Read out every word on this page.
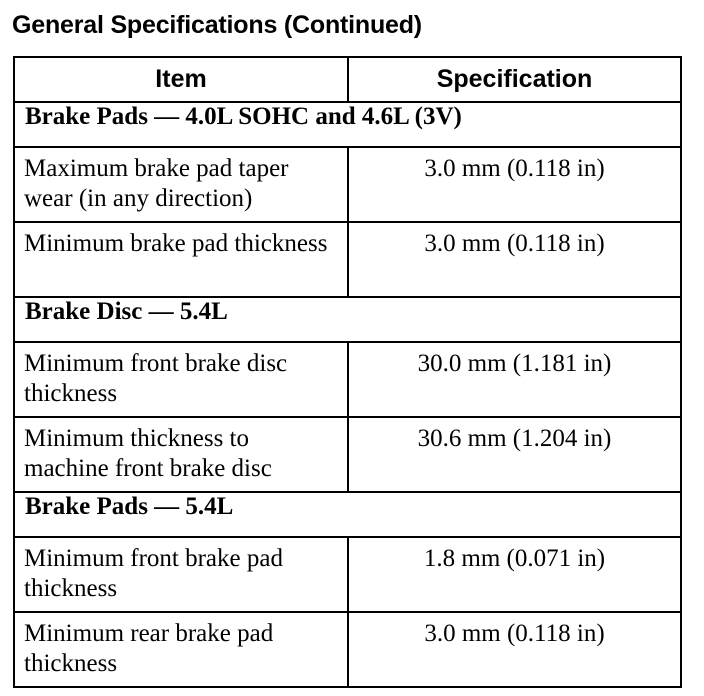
General Specifications (Continued)
Item	Specification
Brake Pads — 4.0L SOHC and 4.6L (3V)	
Maximum brake pad taper wear (in any direction)	3.0 mm (0.118 in)
Minimum brake pad thickness	3.0 mm (0.118 in)
Brake Disc — 5.4L	
Minimum front brake disc thickness	30.0 mm (1.181 in)
Minimum thickness to machine front brake disc	30.6 mm (1.204 in)
Brake Pads — 5.4L	
Minimum front brake pad thickness	1.8 mm (0.071 in)
Minimum rear brake pad thickness	3.0 mm (0.118 in)
